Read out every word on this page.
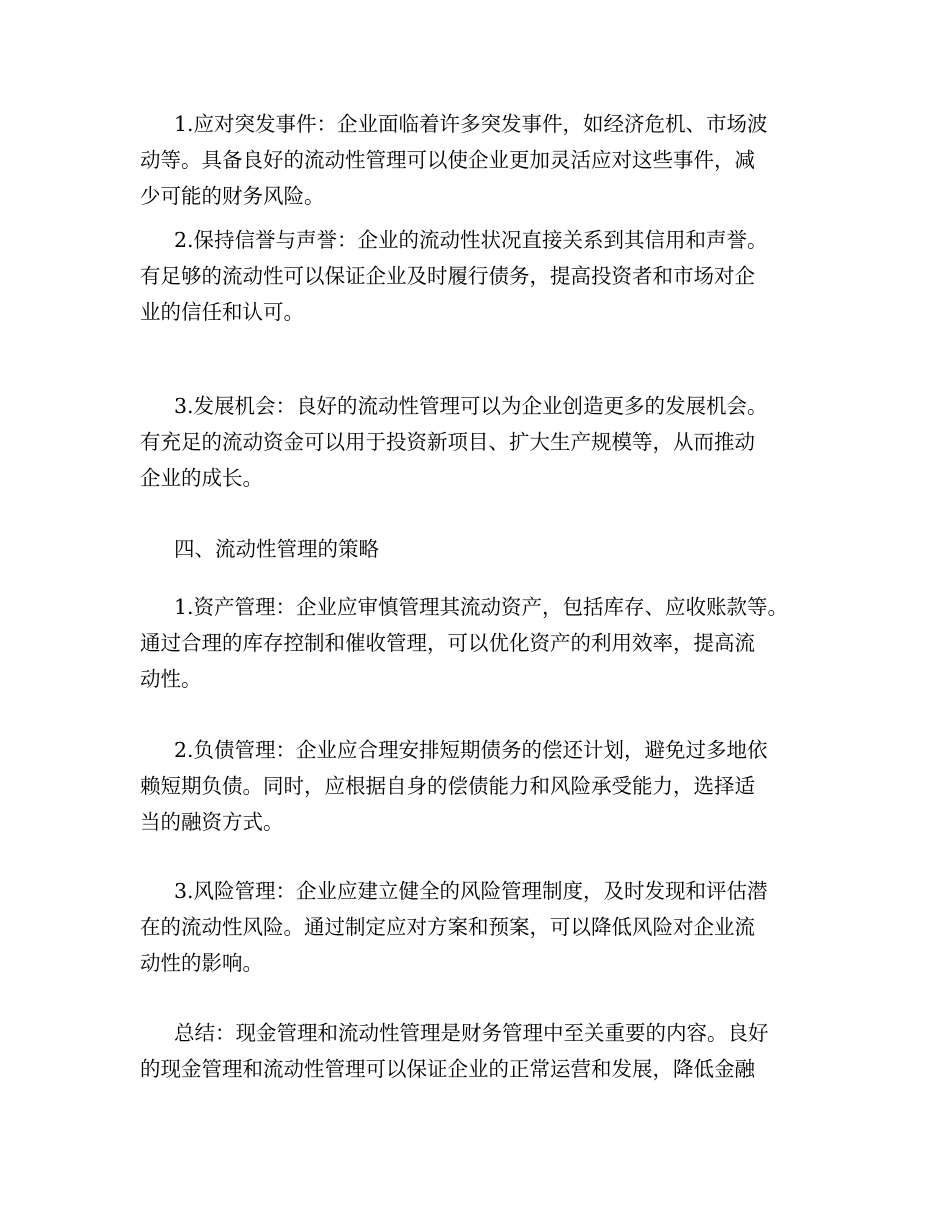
1.应对突发事件：企业面临着许多突发事件，如经济危机、市场波
动等。具备良好的流动性管理可以使企业更加灵活应对这些事件，减
少可能的财务风险。
2.保持信誉与声誉：企业的流动性状况直接关系到其信用和声誉。
有足够的流动性可以保证企业及时履行债务，提高投资者和市场对企
业的信任和认可。
3.发展机会：良好的流动性管理可以为企业创造更多的发展机会。
有充足的流动资金可以用于投资新项目、扩大生产规模等，从而推动
企业的成长。
四、流动性管理的策略
1.资产管理：企业应审慎管理其流动资产，包括库存、应收账款等。
通过合理的库存控制和催收管理，可以优化资产的利用效率，提高流
动性。
2.负债管理：企业应合理安排短期债务的偿还计划，避免过多地依
赖短期负债。同时，应根据自身的偿债能力和风险承受能力，选择适
当的融资方式。
3.风险管理：企业应建立健全的风险管理制度，及时发现和评估潜
在的流动性风险。通过制定应对方案和预案，可以降低风险对企业流
动性的影响。
总结：现金管理和流动性管理是财务管理中至关重要的内容。良好
的现金管理和流动性管理可以保证企业的正常运营和发展，降低金融
